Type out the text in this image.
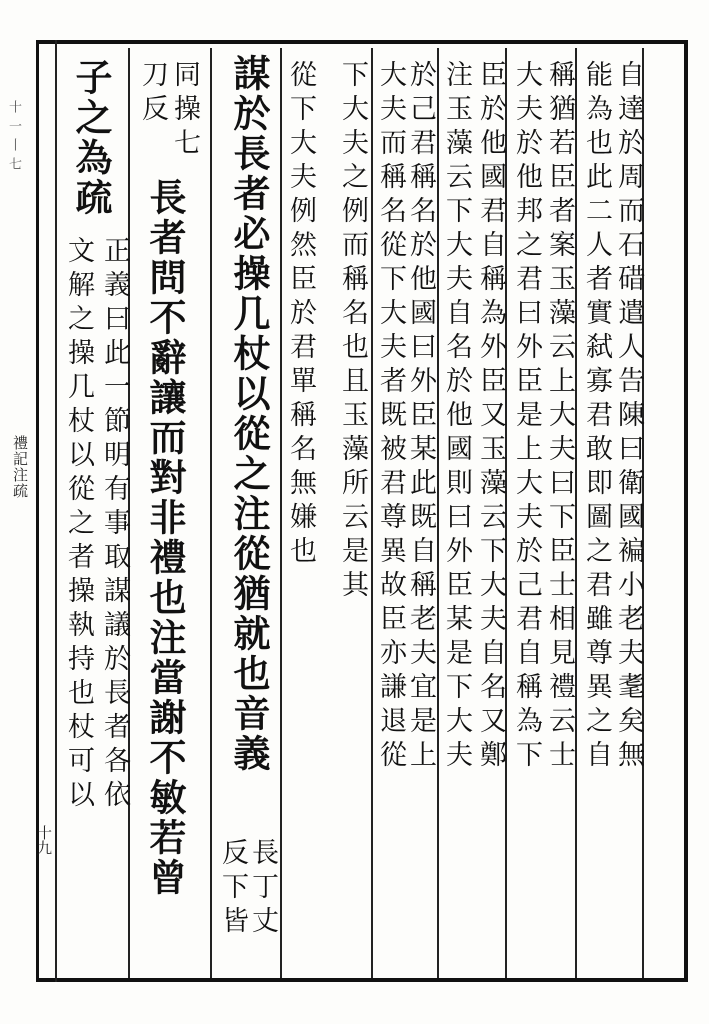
十一丨七
禮記注疏
十九
自達於周而石碏遣人告陳曰衛國褊小老夫耄矣無
能為也此二人者實弑寡君敢即圖之君雖尊異之自
稱猶若臣者案玉藻云上大夫曰下臣士相見禮云士
大夫於他邦之君曰外臣是上大夫於己君自稱為下
臣於他國君自稱為外臣又玉藻云下大夫自名又鄭
注玉藻云下大夫自名於他國則曰外臣某是下大夫
於己君稱名於他國曰外臣某此既自稱老夫宜是上
大夫而稱名從下大夫者既被君尊異故臣亦謙退從
下大夫之例而稱名也且玉藻所云是其
從下大夫例然臣於君單稱名無嫌也
謀於長者必操几杖以從之注從猶就也音義
長丁丈
反下皆
同操七
刀反
長者問不辭讓而對非禮也注當謝不敏若曾
子之為疏
文解之操几杖以從之者操執持也杖可以 正義曰此一節明有事取謀議於長者各依
